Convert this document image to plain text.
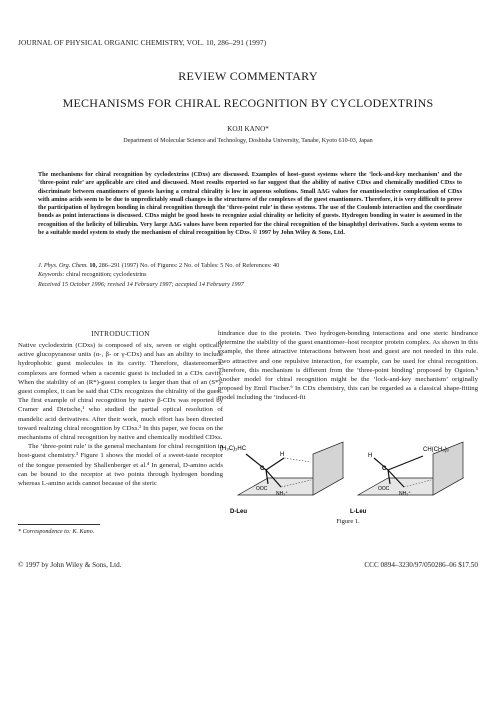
JOURNAL OF PHYSICAL ORGANIC CHEMISTRY, VOL. 10, 286–291 (1997)
REVIEW COMMENTARY
MECHANISMS FOR CHIRAL RECOGNITION BY CYCLODEXTRINS
KOJI KANO*
Department of Molecular Science and Technology, Doshisha University, Tanabe, Kyoto 610-03, Japan
The mechanisms for chiral recognition by cyclodextrins (CDxs) are discussed. Examples of host–guest systems where the ‘lock-and-key mechanism’ and the ‘three-point rule’ are applicable are cited and discussed. Most results reported so far suggest that the ability of native CDxs and chemically modified CDxs to discriminate between enantiomers of guests having a central chirality is low in aqueous solutions. Small ΔΔG values for enantioselective complexation of CDxs with amino acids seem to be due to unpredictably small changes in the structures of the complexes of the guest enantiomers. Therefore, it is very difficult to prove the participation of hydrogen bonding in chiral recognition through the ‘three-point rule’ in these systems. The use of the Coulomb interaction and the coordinate bonds as point interactions is discussed. CDxs might be good hosts to recognize axial chirality or helicity of guests. Hydrogen bonding in water is assumed in the recognition of the helicity of bilirubin. Very large ΔΔG values have been reported for the chiral recognition of the binaphthyl derivatives. Such a system seems to be a suitable model system to study the mechanism of chiral recognition by CDxs. © 1997 by John Wiley & Sons, Ltd.
J. Phys. Org. Chem. 10, 286–291 (1997) No. of Figures: 2 No. of Tables: 5 No. of References: 40
Keywords: chiral recognition; cyclodextrins
Received 15 October 1996; revised 14 February 1997; accepted 14 February 1997
INTRODUCTION

Native cyclodextrin (CDxs) is composed of six, seven or eight optically active glucopyranose units (α-, β- or γ-CDx) and has an ability to include hydrophobic guest molecules in its cavity. Therefore, diastereomeric complexes are formed when a racemic guest is included in a CDx cavity. When the stability of an (R*)-guest complex is larger than that of an (S*)-guest complex, it can be said that CDx recognizes the chirality of the guest. The first example of chiral recognition by native β-CDx was reported by Cramer and Dietsche,¹ who studied the partial optical resolution of mandelic acid derivatives. After their work, much effort has been directed toward realizing chiral recognition by CDxs.² In this paper, we focus on the mechanisms of chiral recognition by native and chemically modified CDxs.

The ‘three-point rule’ is the general mechanism for chiral recognition in host-guest chemistry.³ Figure 1 shows the model of a sweet-taste receptor of the tongue presented by Shallenberger et al.⁴ In general, D-amino acids can be bound to the receptor at two points through hydrogen bonding whereas L-amino acids cannot because of the steric

hindrance due to the protein. Two hydrogen-bonding interactions and one steric hindrance determine the stability of the guest enantiomer–host receptor protein complex. As shown in this example, the three attractive interactions between host and guest are not needed in this rule. Two attractive and one repulsive interaction, for example, can be used for chiral recognition. Therefore, this mechanism is different from the ‘three-point binding’ proposed by Ogston.⁵ Another model for chiral recognition might be the ‘lock-and-key mechanism’ originally proposed by Emil Fischer.⁶ In CDx chemistry, this can be regarded as a classical shape-fitting model including the ‘induced-fit

(H₃C)₂HC
H
C
OOC
NH₃⁺
D-Leu
CH(CH₃)₂
H
C
OOC
NH₃⁺
L-Leu
Figure 1.
* Correspondence to: K. Kano.
© 1997 by John Wiley & Sons, Ltd.	CCC 0894–3230/97/050286–06 $17.50
